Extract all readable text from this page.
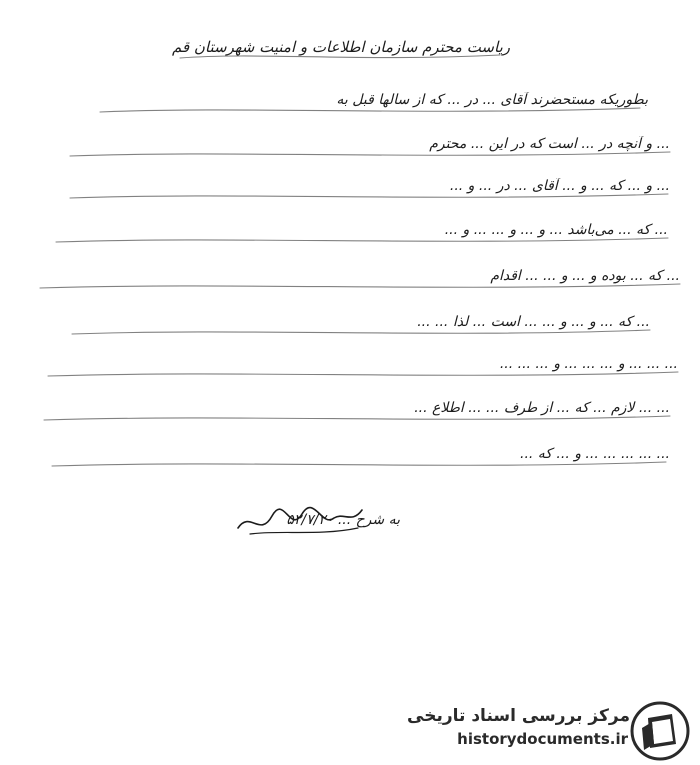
ریاست محترم سازمان اطلاعات و امنیت شهرستان قم
بطوریکه مستحضرند آقای ... در ... که از سالها قبل به
... و آنچه در ... است که در این ... محترم
... و ... که ... و ... آقای ... در ... و ...
... که ... می‌باشد ... و ... و ... ... و ...
... که ... بوده و ... و ... ... اقدام
... که ... و ... و ... ... است ... لذا ... ...
... ... ... و ... ... ... و ... ... ...
... ... لازم ... که ... از طرف ... ... اطلاع ...
... ... ... ... ... و ... که ...
به شرح ... ۵۲/۷/۲۰
مرکز بررسی اسناد تاریخی
historydocuments.ir
